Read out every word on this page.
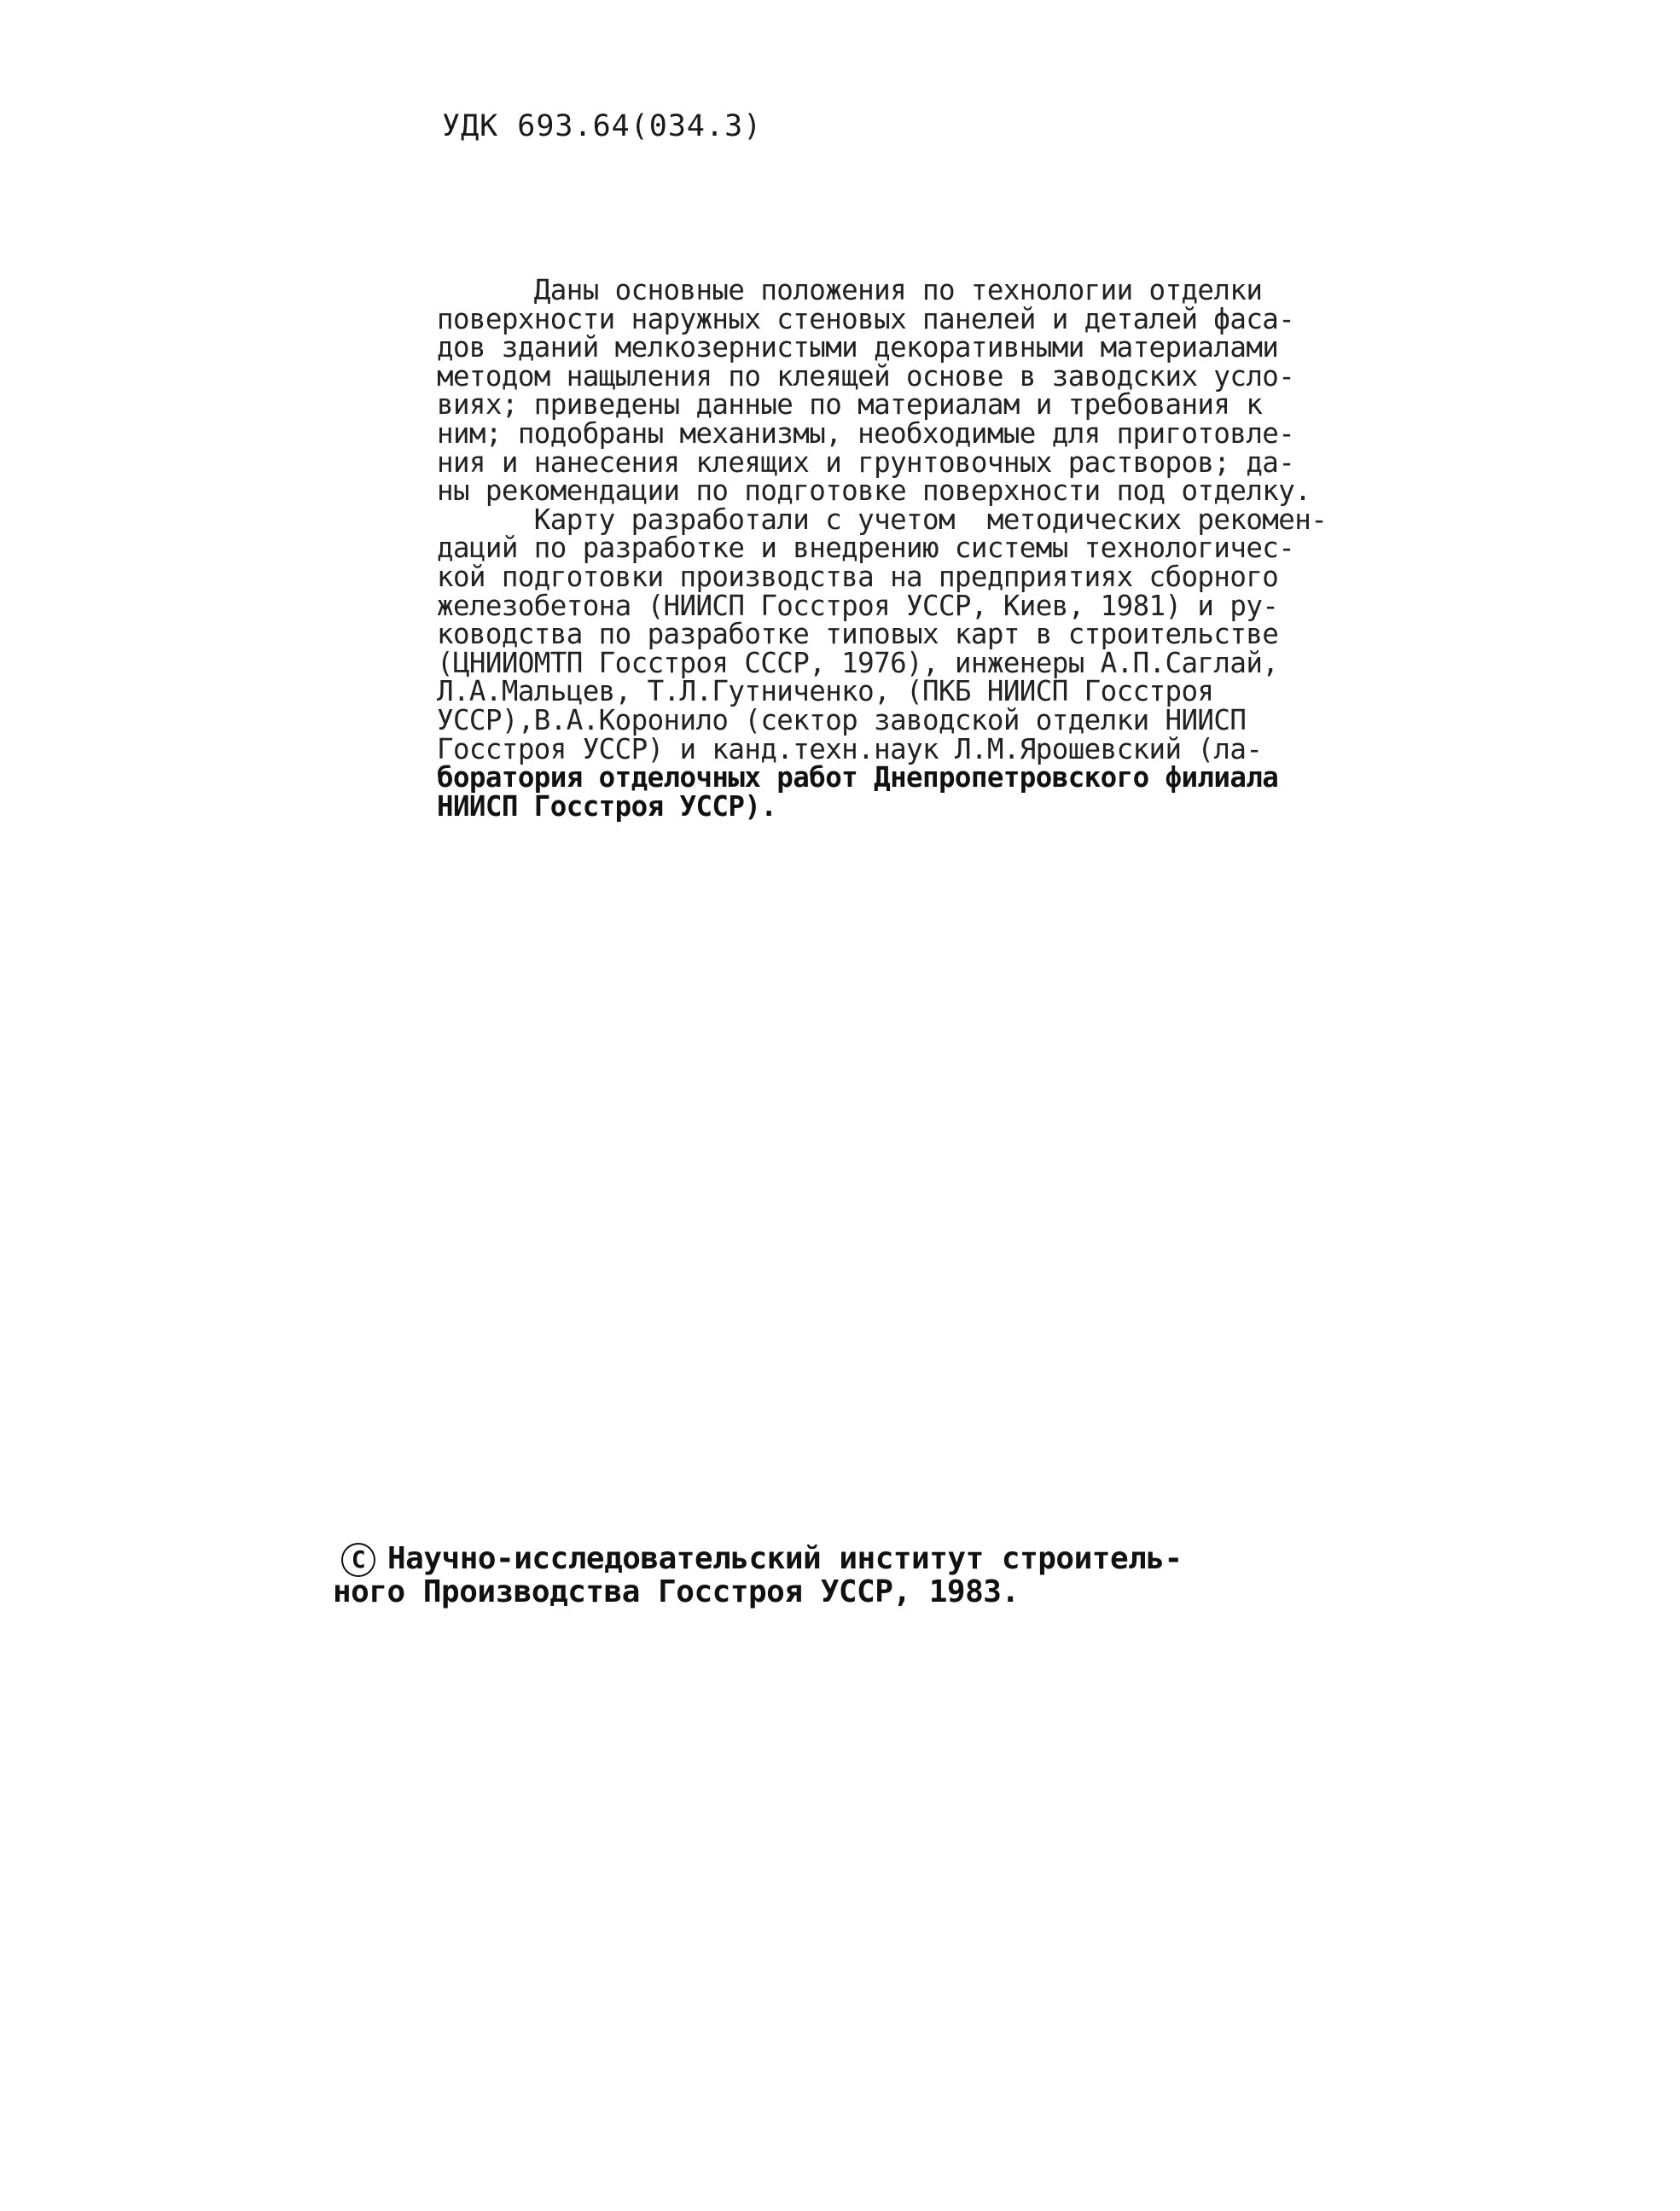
УДК 693.64(034.3)
Даны основные положения по технологии отделки
поверхности наружных стеновых панелей и деталей фаса-
дов зданий мелкозернистыми декоративными материалами
методом нащыления по клеящей основе в заводских усло-
виях; приведены данные по материалам и требования к
ним; подобраны механизмы, необходимые для приготовле-
ния и нанесения клеящих и грунтовочных растворов; да-
ны рекомендации по подготовке поверхности под отделку.
Карту разработали с учетом  методических рекомен-
даций по разработке и внедрению системы технологичес-
кой подготовки производства на предприятиях сборного
железобетона (НИИСП Госстроя УССР, Киев, 1981) и ру-
ководства по разработке типовых карт в строительстве
(ЦНИИОМТП Госстроя СССР, 1976), инженеры А.П.Саглай,
Л.А.Мальцев, Т.Л.Гутниченко, (ПКБ НИИСП Госстроя
УССР),В.А.Коронило (сектор заводской отделки НИИСП
Госстроя УССР) и канд.техн.наук Л.М.Ярошевский (ла-
боратория отделочных работ Днепропетровского филиала
НИИСП Госстроя УССР).
C Научно-исследовательский институт строитель-
ного Производства Госстроя УССР, 1983.
